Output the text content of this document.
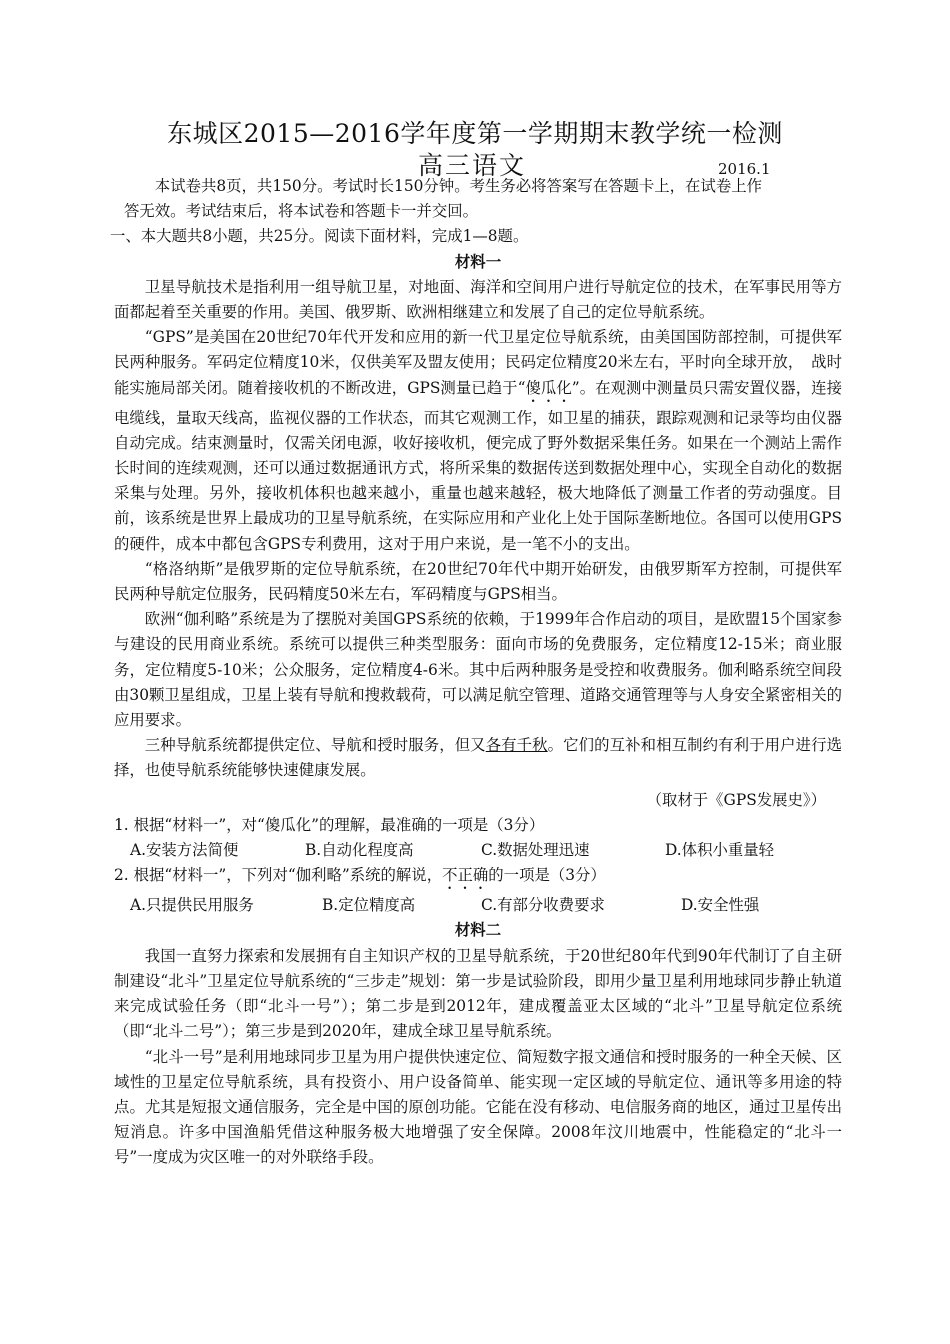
东城区2015—2016学年度第一学期期末教学统一检测
高三语文	2016.1

本试卷共8页，共150分。考试时长150分钟。考生务必将答案写在答题卡上，在试卷上作

答无效。考试结束后，将本试卷和答题卡一并交回。

一、本大题共8小题，共25分。阅读下面材料，完成1—8题。

材料一

卫星导航技术是指利用一组导航卫星，对地面、海洋和空间用户进行导航定位的技术，在军事民用等方面都起着至关重要的作用。美国、俄罗斯、欧洲相继建立和发展了自己的定位导航系统。

“GPS”是美国在20世纪70年代开发和应用的新一代卫星定位导航系统，由美国国防部控制，可提供军民两种服务。军码定位精度10米，仅供美军及盟友使用；民码定位精度20米左右，平时向全球开放，　战时能实施局部关闭。随着接收机的不断改进，GPS测量已趋于“傻瓜化”。在观测中测量员只需安置仪器，连接电缆线，量取天线高，监视仪器的工作状态，而其它观测工作，如卫星的捕获，跟踪观测和记录等均由仪器自动完成。结束测量时，仅需关闭电源，收好接收机，便完成了野外数据采集任务。如果在一个测站上需作长时间的连续观测，还可以通过数据通讯方式，将所采集的数据传送到数据处理中心，实现全自动化的数据采集与处理。另外，接收机体积也越来越小，重量也越来越轻，极大地降低了测量工作者的劳动强度。目前，该系统是世界上最成功的卫星导航系统，在实际应用和产业化上处于国际垄断地位。各国可以使用GPS的硬件，成本中都包含GPS专利费用，这对于用户来说，是一笔不小的支出。

“格洛纳斯”是俄罗斯的定位导航系统，在20世纪70年代中期开始研发，由俄罗斯军方控制，可提供军民两种导航定位服务，民码精度50米左右，军码精度与GPS相当。

欧洲“伽利略”系统是为了摆脱对美国GPS系统的依赖，于1999年合作启动的项目，是欧盟15个国家参与建设的民用商业系统。系统可以提供三种类型服务：面向市场的免费服务，定位精度12-15米；商业服务，定位精度5-10米；公众服务，定位精度4-6米。其中后两种服务是受控和收费服务。伽利略系统空间段由30颗卫星组成，卫星上装有导航和搜救载荷，可以满足航空管理、道路交通管理等与人身安全紧密相关的应用要求。

三种导航系统都提供定位、导航和授时服务，但又各有千秋。它们的互补和相互制约有利于用户进行选择，也使导航系统能够快速健康发展。

（取材于《GPS发展史》）

1. 根据“材料一”，对“傻瓜化”的理解，最准确的一项是（3分）

A.安装方法简便	B.自动化程度高	C.数据处理迅速	D.体积小重量轻

2. 根据“材料一”，下列对“伽利略”系统的解说，不正确的一项是（3分）

A.只提供民用服务	B.定位精度高	C.有部分收费要求	D.安全性强

材料二

我国一直努力探索和发展拥有自主知识产权的卫星导航系统，于20世纪80年代到90年代制订了自主研制建设“北斗”卫星定位导航系统的“三步走”规划：第一步是试验阶段，即用少量卫星利用地球同步静止轨道来完成试验任务（即“北斗一号”）；第二步是到2012年，建成覆盖亚太区域的“北斗”卫星导航定位系统（即“北斗二号”）；第三步是到2020年，建成全球卫星导航系统。

“北斗一号”是利用地球同步卫星为用户提供快速定位、简短数字报文通信和授时服务的一种全天候、区域性的卫星定位导航系统，具有投资小、用户设备简单、能实现一定区域的导航定位、通讯等多用途的特点。尤其是短报文通信服务，完全是中国的原创功能。它能在没有移动、电信服务商的地区，通过卫星传出短消息。许多中国渔船凭借这种服务极大地增强了安全保障。2008年汶川地震中，性能稳定的“北斗一号”一度成为灾区唯一的对外联络手段。
